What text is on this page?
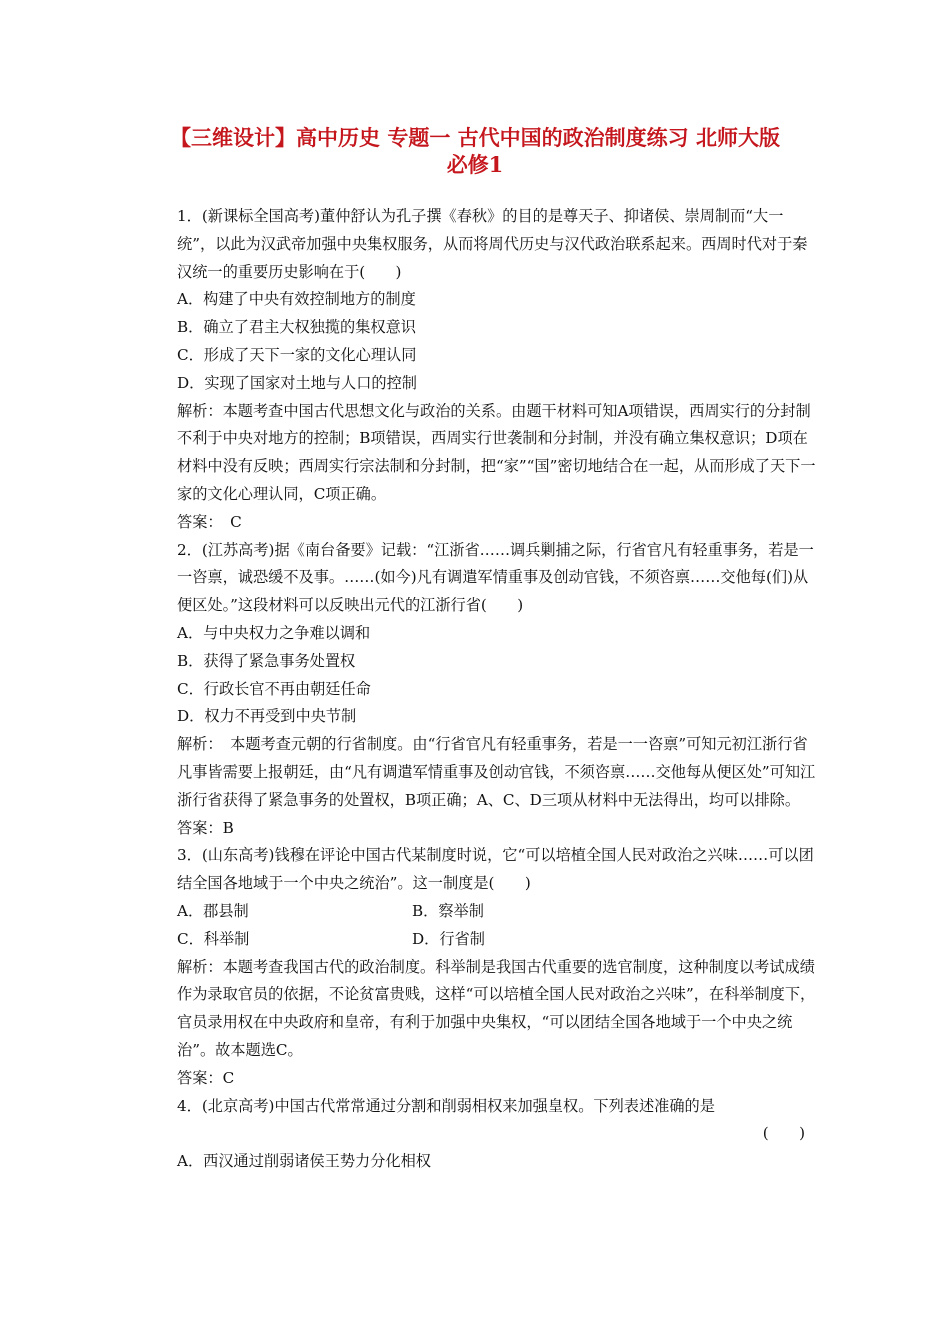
【三维设计】高中历史 专题一 古代中国的政治制度练习 北师大版
必修1

1．(新课标全国高考)董仲舒认为孔子撰《春秋》的目的是尊天子、抑诸侯、崇周制而“大一统”，以此为汉武帝加强中央集权服务，从而将周代历史与汉代政治联系起来。西周时代对于秦汉统一的重要历史影响在于(　　)

A．构建了中央有效控制地方的制度

B．确立了君主大权独揽的集权意识

C．形成了天下一家的文化心理认同

D．实现了国家对土地与人口的控制

解析：本题考查中国古代思想文化与政治的关系。由题干材料可知A项错误，西周实行的分封制不利于中央对地方的控制；B项错误，西周实行世袭制和分封制，并没有确立集权意识；D项在材料中没有反映；西周实行宗法制和分封制，把“家”“国”密切地结合在一起，从而形成了天下一家的文化心理认同，C项正确。

答案：　C

2．(江苏高考)据《南台备要》记载：“江浙省……调兵剿捕之际，行省官凡有轻重事务，若是一一咨禀，诚恐缓不及事。……(如今)凡有调遣军情重事及创动官钱，不须咨禀……交他每(们)从便区处。”这段材料可以反映出元代的江浙行省(　　)

A．与中央权力之争难以调和

B．获得了紧急事务处置权

C．行政长官不再由朝廷任命

D．权力不再受到中央节制

解析：　本题考查元朝的行省制度。由“行省官凡有轻重事务，若是一一咨禀”可知元初江浙行省凡事皆需要上报朝廷，由“凡有调遣军情重事及创动官钱，不须咨禀……交他每从便区处”可知江浙行省获得了紧急事务的处置权，B项正确；A、C、D三项从材料中无法得出，均可以排除。

答案：B

3．(山东高考)钱穆在评论中国古代某制度时说，它“可以培植全国人民对政治之兴味……可以团结全国各地域于一个中央之统治”。这一制度是(　　)

A．郡县制	B．察举制
C．科举制	D．行省制

解析：本题考查我国古代的政治制度。科举制是我国古代重要的选官制度，这种制度以考试成绩作为录取官员的依据，不论贫富贵贱，这样“可以培植全国人民对政治之兴味”，在科举制度下，官员录用权在中央政府和皇帝，有利于加强中央集权，“可以团结全国各地域于一个中央之统治”。故本题选C。

答案：C

4．(北京高考)中国古代常常通过分割和削弱相权来加强皇权。下列表述准确的是

(　　)

A．西汉通过削弱诸侯王势力分化相权
